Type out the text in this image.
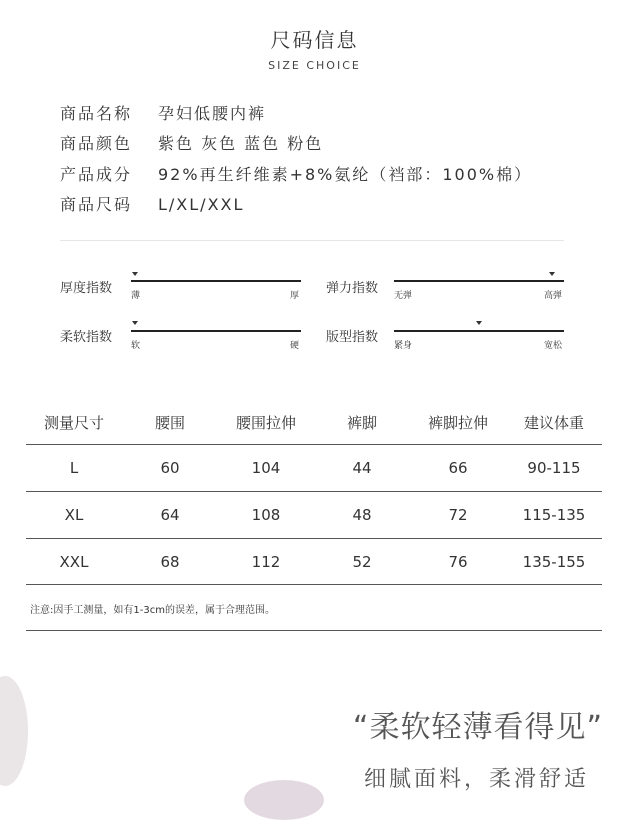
尺码信息
SIZE CHOICE
商品名称 孕妇低腰内裤
商品颜色 紫色 灰色 蓝色 粉色
产品成分 92%再生纤维素+8%氨纶（裆部：100%棉）
商品尺码 L/XL/XXL
厚度指数 薄	厚 弹力指数 无弹	高弹
柔软指数
软	硬
版型指数
紧身	宽松
测量尺寸	腰围	腰围拉伸	裤脚	裤脚拉伸	建议体重
L	60	104	44	66	90-115
XL	64	108	48	72	115-135
XXL	68	112	52	76	135-155
注意:因手工测量，如有1-3cm的误差，属于合理范围。
“柔软轻薄看得见”
细腻面料，柔滑舒适
